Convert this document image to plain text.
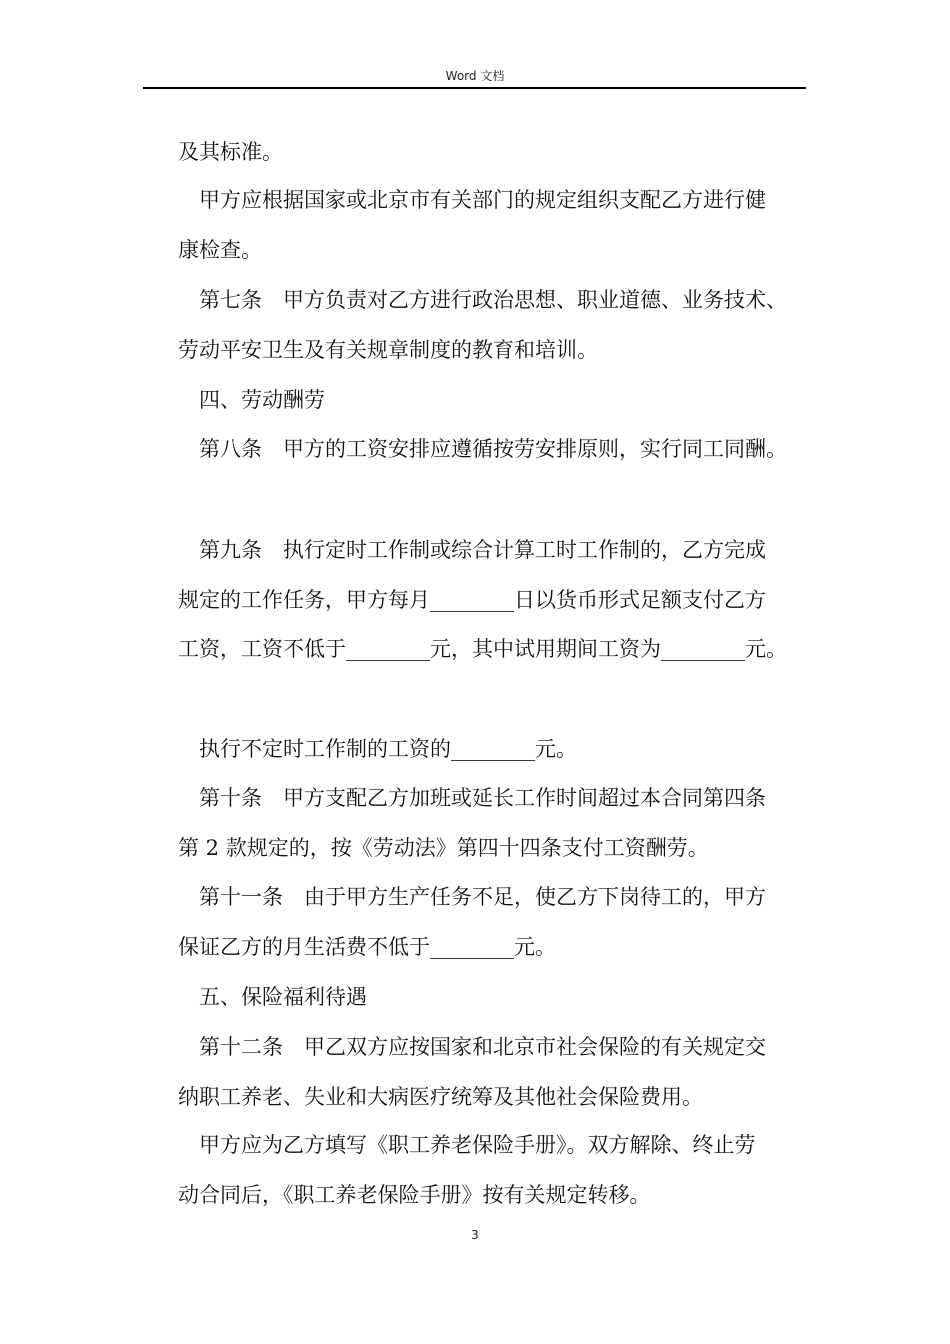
Word 文档
及其标准。
甲方应根据国家或北京市有关部门的规定组织支配乙方进行健
康检查。
第七条　甲方负责对乙方进行政治思想、职业道德、业务技术、
劳动平安卫生及有关规章制度的教育和培训。
四、劳动酬劳
第八条　甲方的工资安排应遵循按劳安排原则，实行同工同酬。
第九条　执行定时工作制或综合计算工时工作制的，乙方完成
规定的工作任务，甲方每月________日以货币形式足额支付乙方
工资，工资不低于________元，其中试用期间工资为________元。
执行不定时工作制的工资的________元。
第十条　甲方支配乙方加班或延长工作时间超过本合同第四条
第 2 款规定的，按《劳动法》第四十四条支付工资酬劳。
第十一条　由于甲方生产任务不足，使乙方下岗待工的，甲方
保证乙方的月生活费不低于________元。
五、保险福利待遇
第十二条　甲乙双方应按国家和北京市社会保险的有关规定交
纳职工养老、失业和大病医疗统筹及其他社会保险费用。
甲方应为乙方填写《职工养老保险手册》。双方解除、终止劳
动合同后，《职工养老保险手册》按有关规定转移。
3
